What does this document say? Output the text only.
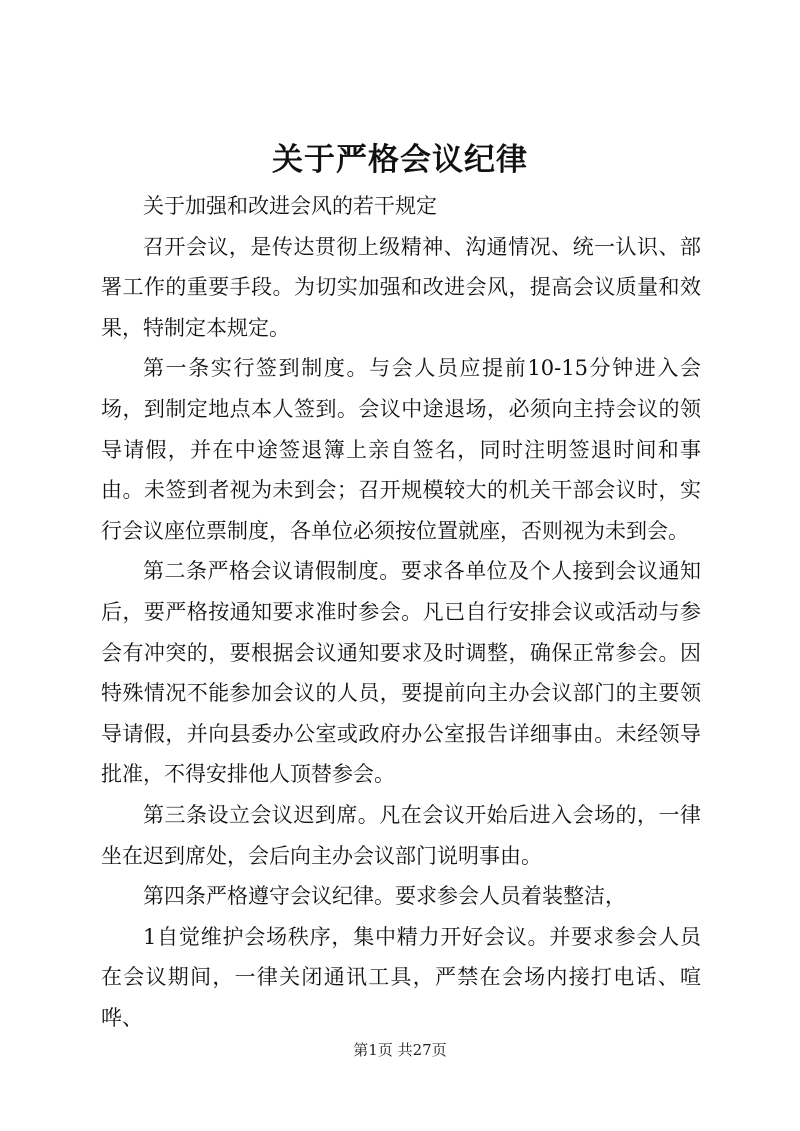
关于严格会议纪律

关于加强和改进会风的若干规定

召开会议，是传达贯彻上级精神、沟通情况、统一认识、部署工作的重要手段。为切实加强和改进会风，提高会议质量和效果，特制定本规定。

第一条实行签到制度。与会人员应提前10-15分钟进入会场，到制定地点本人签到。会议中途退场，必须向主持会议的领导请假，并在中途签退簿上亲自签名，同时注明签退时间和事由。未签到者视为未到会；召开规模较大的机关干部会议时，实行会议座位票制度，各单位必须按位置就座，否则视为未到会。

第二条严格会议请假制度。要求各单位及个人接到会议通知后，要严格按通知要求准时参会。凡已自行安排会议或活动与参会有冲突的，要根据会议通知要求及时调整，确保正常参会。因特殊情况不能参加会议的人员，要提前向主办会议部门的主要领导请假，并向县委办公室或政府办公室报告详细事由。未经领导批准，不得安排他人顶替参会。

第三条设立会议迟到席。凡在会议开始后进入会场的，一律坐在迟到席处，会后向主办会议部门说明事由。

第四条严格遵守会议纪律。要求参会人员着装整洁，

1自觉维护会场秩序，集中精力开好会议。并要求参会人员在会议期间，一律关闭通讯工具，严禁在会场内接打电话、喧哗、

第1页 共27页
